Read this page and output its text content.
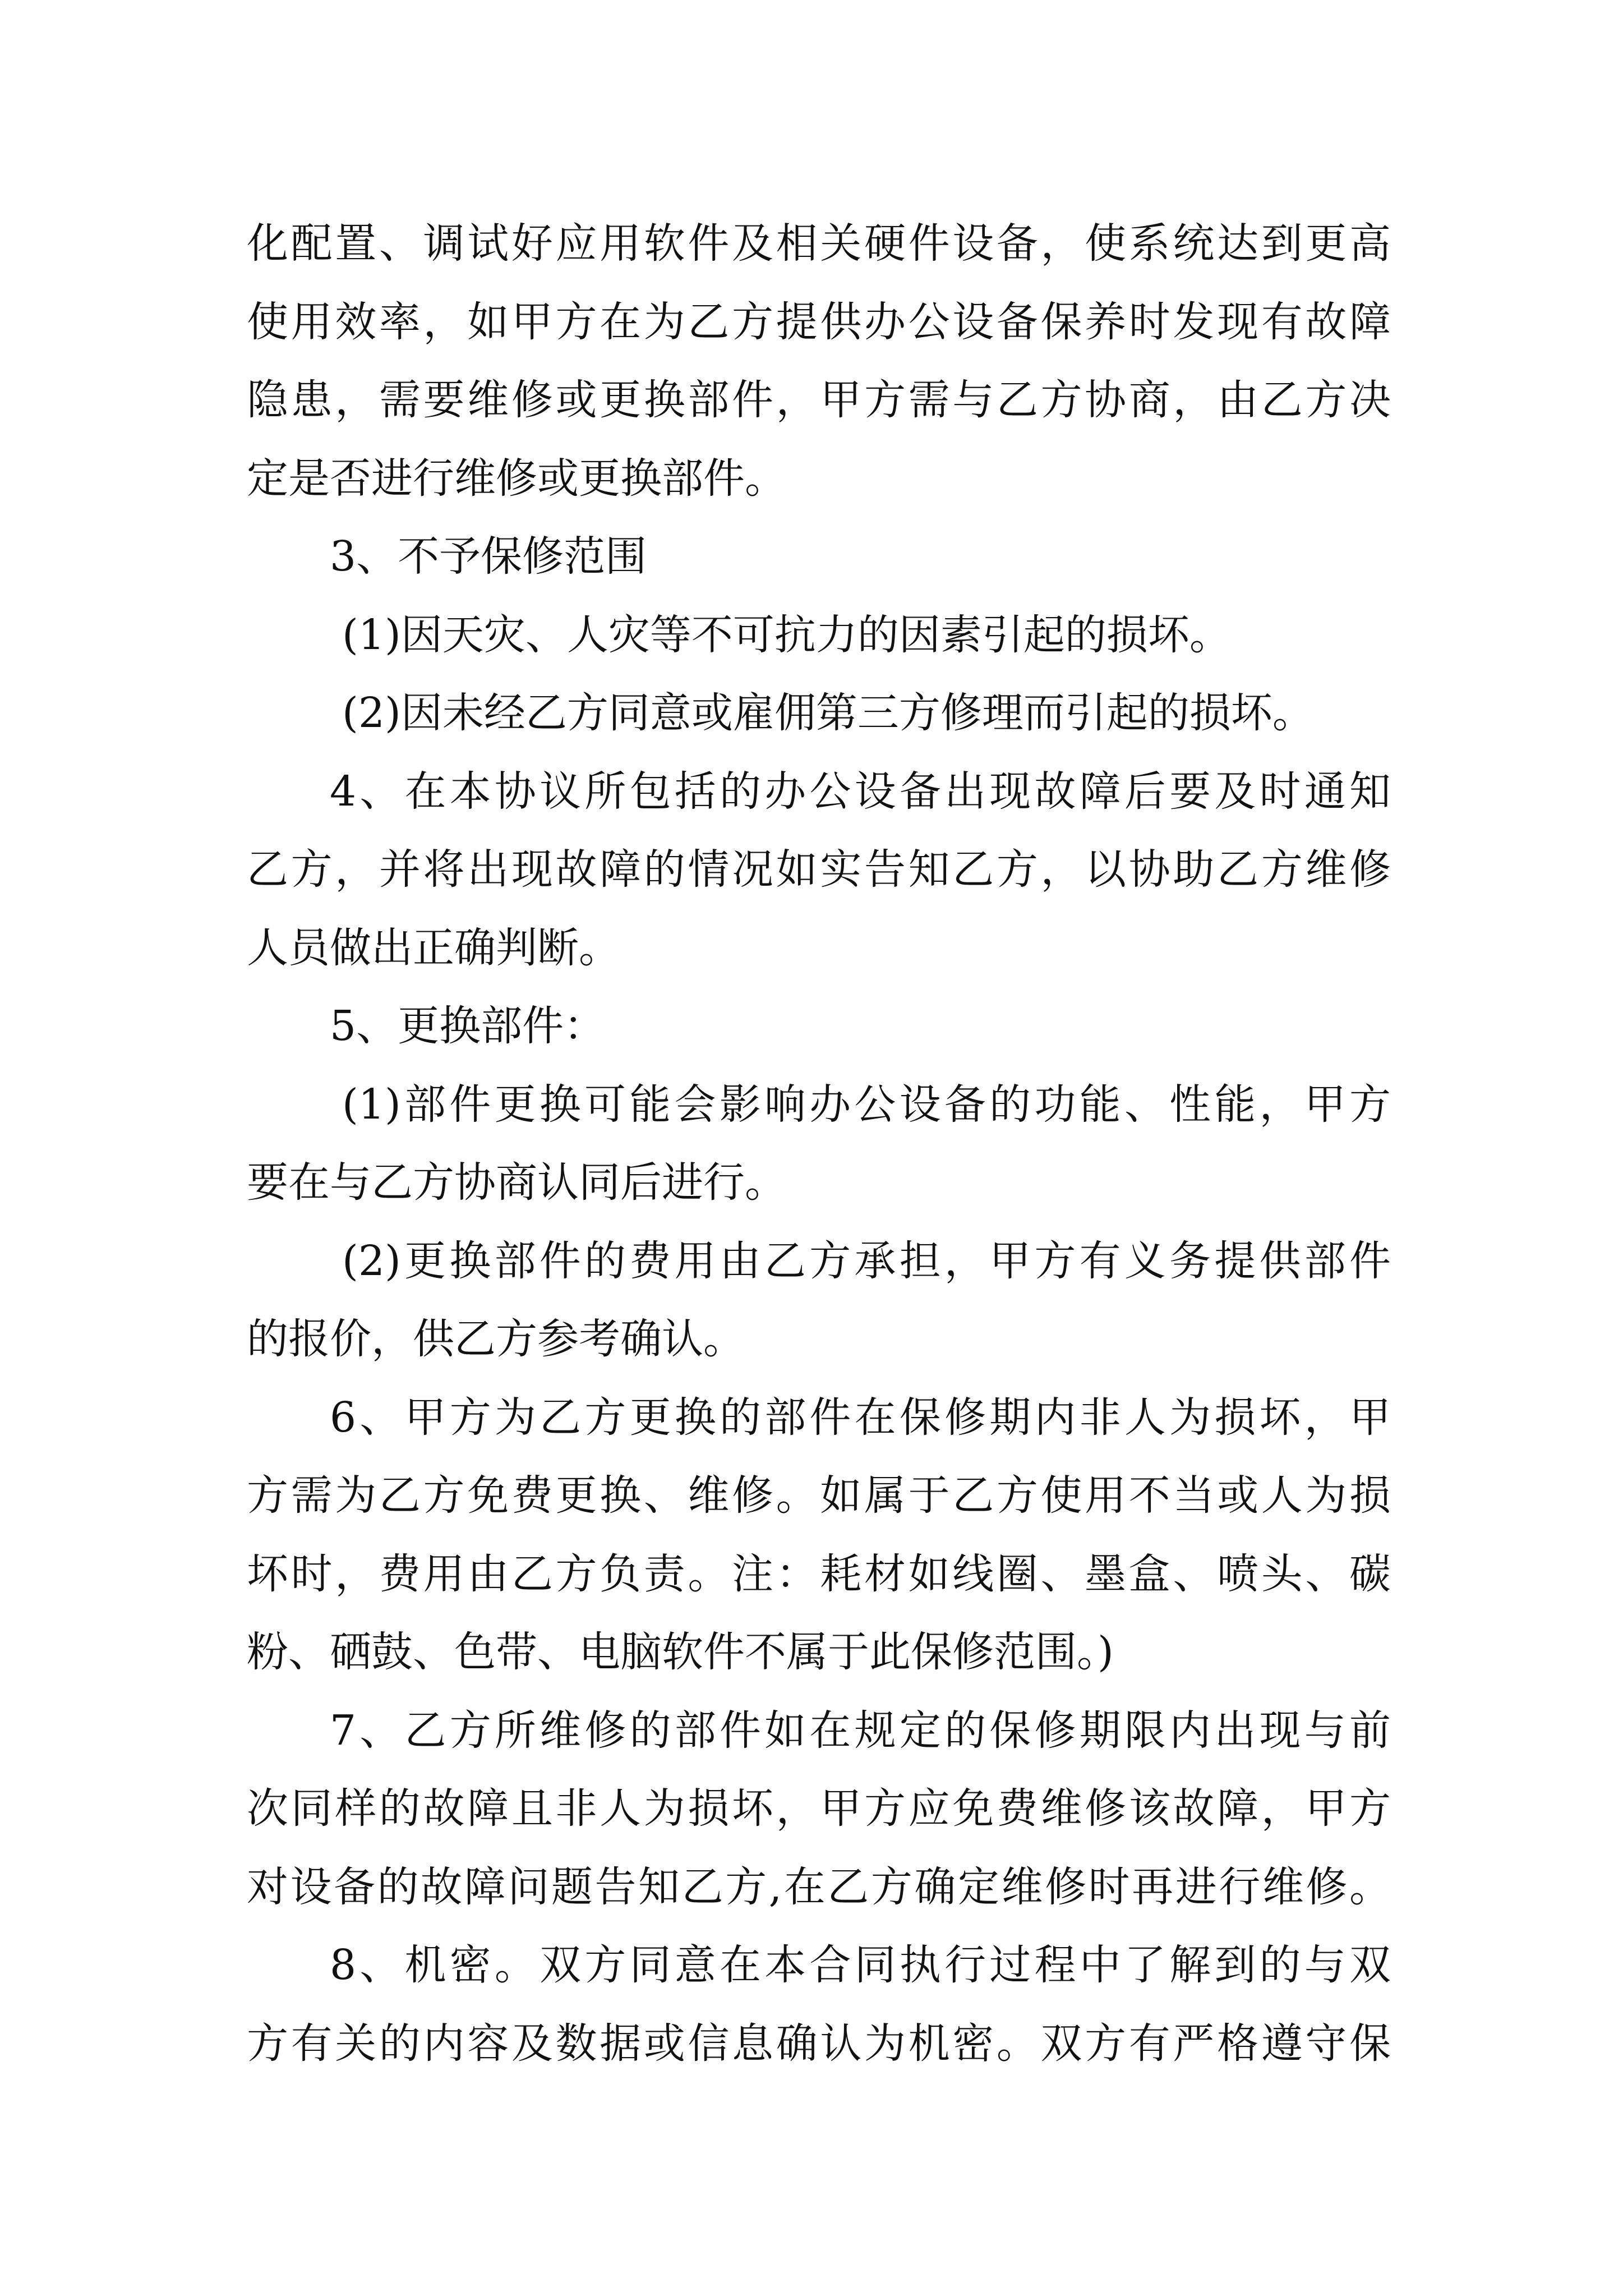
化配置、调试好应用软件及相关硬件设备，使系统达到更高
使用效率，如甲方在为乙方提供办公设备保养时发现有故障
隐患，需要维修或更换部件，甲方需与乙方协商，由乙方决
定是否进行维修或更换部件。
3、不予保修范围
(1)因天灾、人灾等不可抗力的因素引起的损坏。
(2)因未经乙方同意或雇佣第三方修理而引起的损坏。
4、在本协议所包括的办公设备出现故障后要及时通知
乙方，并将出现故障的情况如实告知乙方，以协助乙方维修
人员做出正确判断。
5、更换部件：
(1)部件更换可能会影响办公设备的功能、性能，甲方
要在与乙方协商认同后进行。
(2)更换部件的费用由乙方承担，甲方有义务提供部件
的报价，供乙方参考确认。
6、甲方为乙方更换的部件在保修期内非人为损坏，甲
方需为乙方免费更换、维修。如属于乙方使用不当或人为损
坏时，费用由乙方负责。注：耗材如线圈、墨盒、喷头、碳
粉、硒鼓、色带、电脑软件不属于此保修范围。)
7、乙方所维修的部件如在规定的保修期限内出现与前
次同样的故障且非人为损坏，甲方应免费维修该故障，甲方
对设备的故障问题告知乙方,在乙方确定维修时再进行维修。
8、机密。双方同意在本合同执行过程中了解到的与双
方有关的内容及数据或信息确认为机密。双方有严格遵守保
